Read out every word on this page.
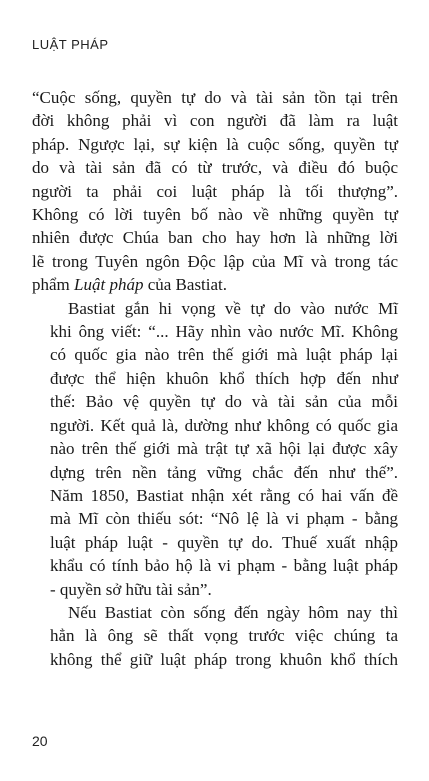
LUẬT PHÁP

“Cuộc sống, quyền tự do và tài sản tồn tại trên
đời không phải vì con người đã làm ra luật
pháp. Ngược lại, sự kiện là cuộc sống, quyền tự
do và tài sản đã có từ trước, và điều đó buộc
người ta phải coi luật pháp là tối thượng”.
Không có lời tuyên bố nào về những quyền tự
nhiên được Chúa ban cho hay hơn là những lời
lẽ trong Tuyên ngôn Độc lập của Mĩ và trong tác
phẩm Luật pháp của Bastiat.

Bastiat gắn hi vọng về tự do vào nước Mĩ
khi ông viết: “... Hãy nhìn vào nước Mĩ. Không
có quốc gia nào trên thế giới mà luật pháp lại
được thể hiện khuôn khổ thích hợp đến như
thế: Bảo vệ quyền tự do và tài sản của mỗi
người. Kết quả là, dường như không có quốc gia
nào trên thế giới mà trật tự xã hội lại được xây
dựng trên nền tảng vững chắc đến như thế”.
Năm 1850, Bastiat nhận xét rằng có hai vấn đề
mà Mĩ còn thiếu sót: “Nô lệ là vi phạm - bằng
luật pháp luật - quyền tự do. Thuế xuất nhập
khẩu có tính bảo hộ là vi phạm - bằng luật pháp
- quyền sở hữu tài sản”.

Nếu Bastiat còn sống đến ngày hôm nay thì
hẳn là ông sẽ thất vọng trước việc chúng ta
không thể giữ luật pháp trong khuôn khổ thích

20
